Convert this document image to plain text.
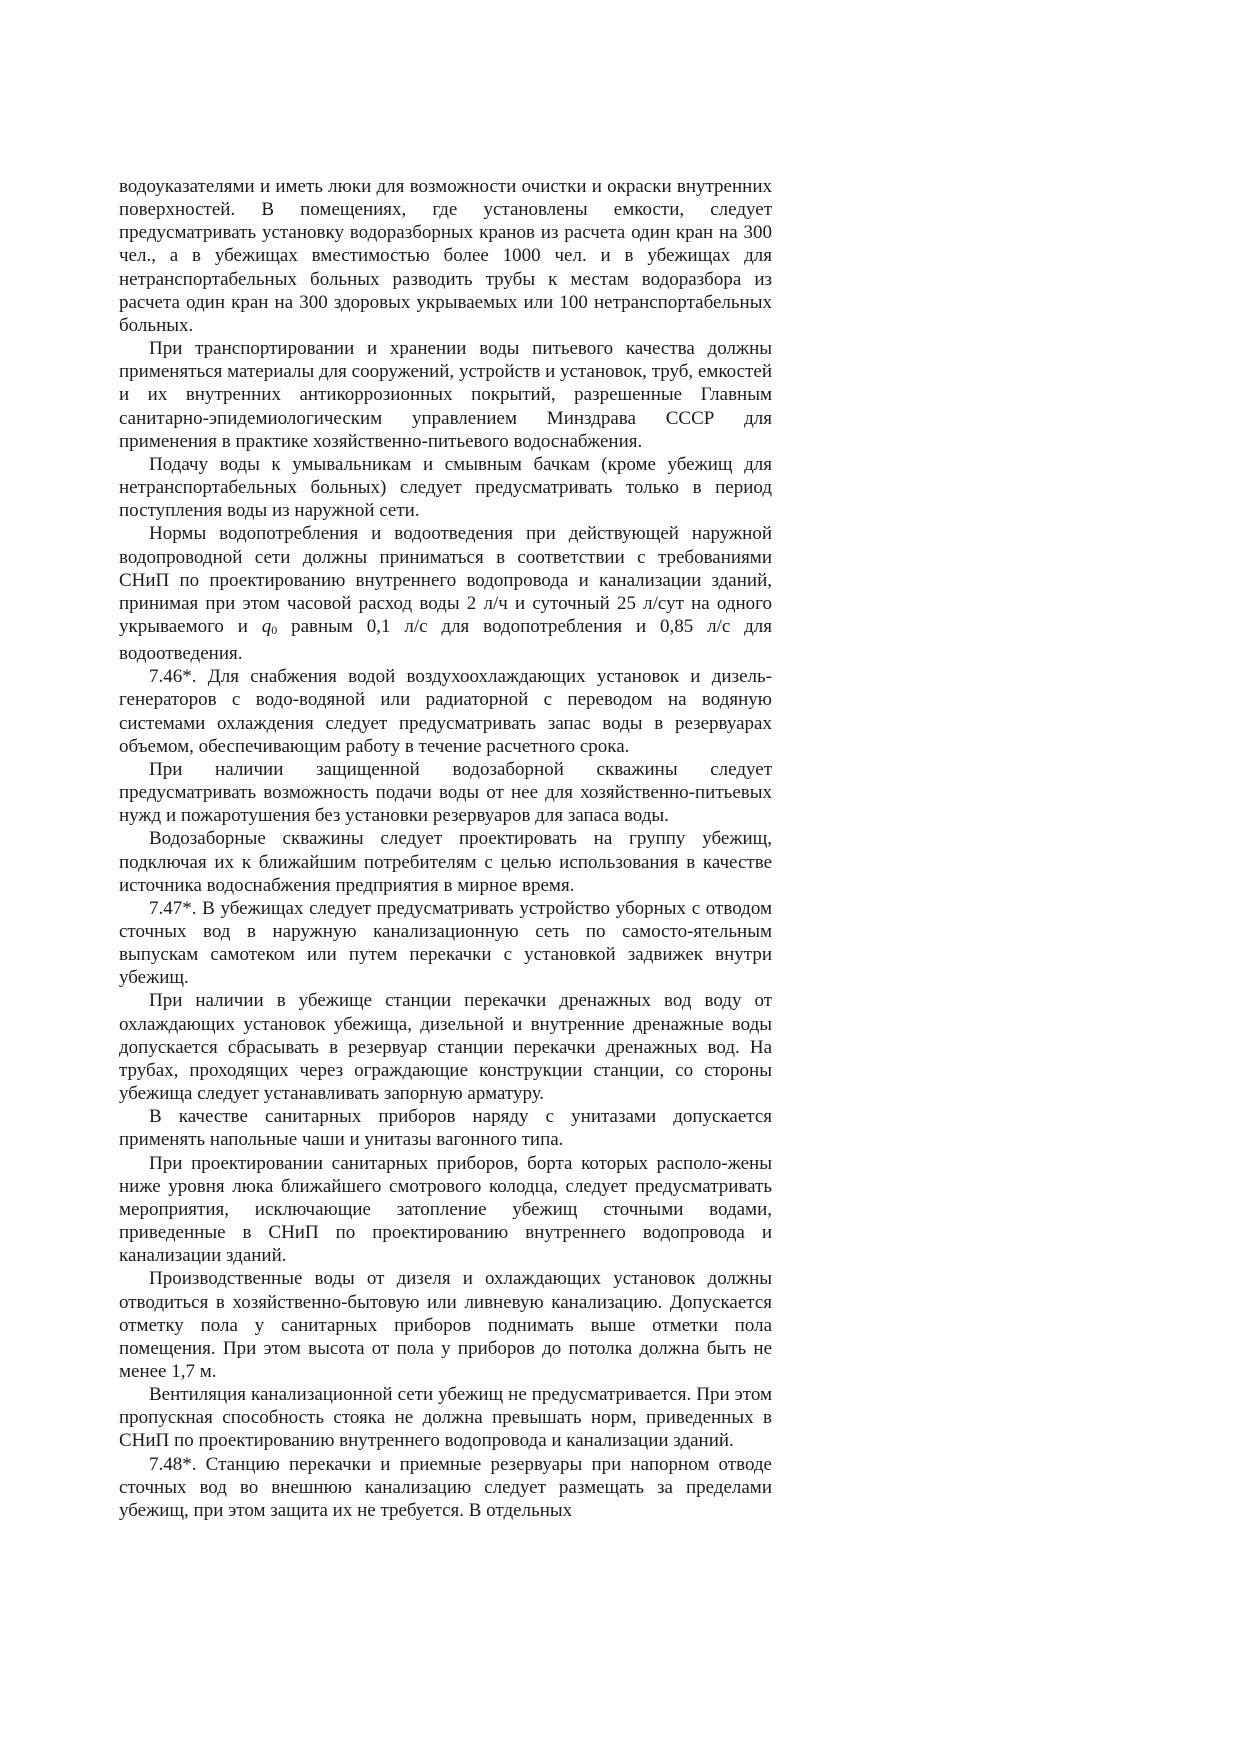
водоуказателями и иметь люки для возможности очистки и окраски внутренних поверхностей. В помещениях, где установлены емкости, следует предусматривать установку водоразборных кранов из расчета один кран на 300 чел., а в убежищах вместимостью более 1000 чел. и в убежищах для нетранспортабельных больных разводить трубы к местам водоразбора из расчета один кран на 300 здоровых укрываемых или 100 нетранспортабельных больных.

При транспортировании и хранении воды питьевого качества должны применяться материалы для сооружений, устройств и установок, труб, емкостей и их внутренних антикоррозионных покрытий, разрешенные Главным санитарно-эпидемиологическим управлением Минздрава СССР для применения в практике хозяйственно-питьевого водоснабжения.

Подачу воды к умывальникам и смывным бачкам (кроме убежищ для нетранспортабельных больных) следует предусматривать только в период поступления воды из наружной сети.

Нормы водопотребления и водоотведения при действующей наружной водопроводной сети должны приниматься в соответствии с требованиями СНиП по проектированию внутреннего водопровода и канализации зданий, принимая при этом часовой расход воды 2 л/ч и суточный 25 л/сут на одного укрываемого и q0 равным 0,1 л/с для водопотребления и 0,85 л/с для водоотведения.

7.46*. Для снабжения водой воздухоохлаждающих установок и дизель-генераторов с водо-водяной или радиаторной с переводом на водяную системами охлаждения следует предусматривать запас воды в резервуарах объемом, обеспечивающим работу в течение расчетного срока.

При наличии защищенной водозаборной скважины следует предусматривать возможность подачи воды от нее для хозяйственно-питьевых нужд и пожаротушения без установки резервуаров для запаса воды.

Водозаборные скважины следует проектировать на группу убежищ, подключая их к ближайшим потребителям с целью использования в качестве источника водоснабжения предприятия в мирное время.

7.47*. В убежищах следует предусматривать устройство уборных с отводом сточных вод в наружную канализационную сеть по самосто-ятельным выпускам самотеком или путем перекачки с установкой задвижек внутри убежищ.

При наличии в убежище станции перекачки дренажных вод воду от охлаждающих установок убежища, дизельной и внутренние дренажные воды допускается сбрасывать в резервуар станции перекачки дренажных вод. На трубах, проходящих через ограждающие конструкции станции, со стороны убежища следует устанавливать запорную арматуру.

В качестве санитарных приборов наряду с унитазами допускается применять напольные чаши и унитазы вагонного типа.

При проектировании санитарных приборов, борта которых располо-жены ниже уровня люка ближайшего смотрового колодца, следует предусматривать мероприятия, исключающие затопление убежищ сточными водами, приведенные в СНиП по проектированию внутреннего водопровода и канализации зданий.

Производственные воды от дизеля и охлаждающих установок должны отводиться в хозяйственно-бытовую или ливневую канализацию. Допускается отметку пола у санитарных приборов поднимать выше отметки пола помещения. При этом высота от пола у приборов до потолка должна быть не менее 1,7 м.

Вентиляция канализационной сети убежищ не предусматривается. При этом пропускная способность стояка не должна превышать норм, приведенных в СНиП по проектированию внутреннего водопровода и канализации зданий.

7.48*. Станцию перекачки и приемные резервуары при напорном отводе сточных вод во внешнюю канализацию следует размещать за пределами убежищ, при этом защита их не требуется. В отдельных
